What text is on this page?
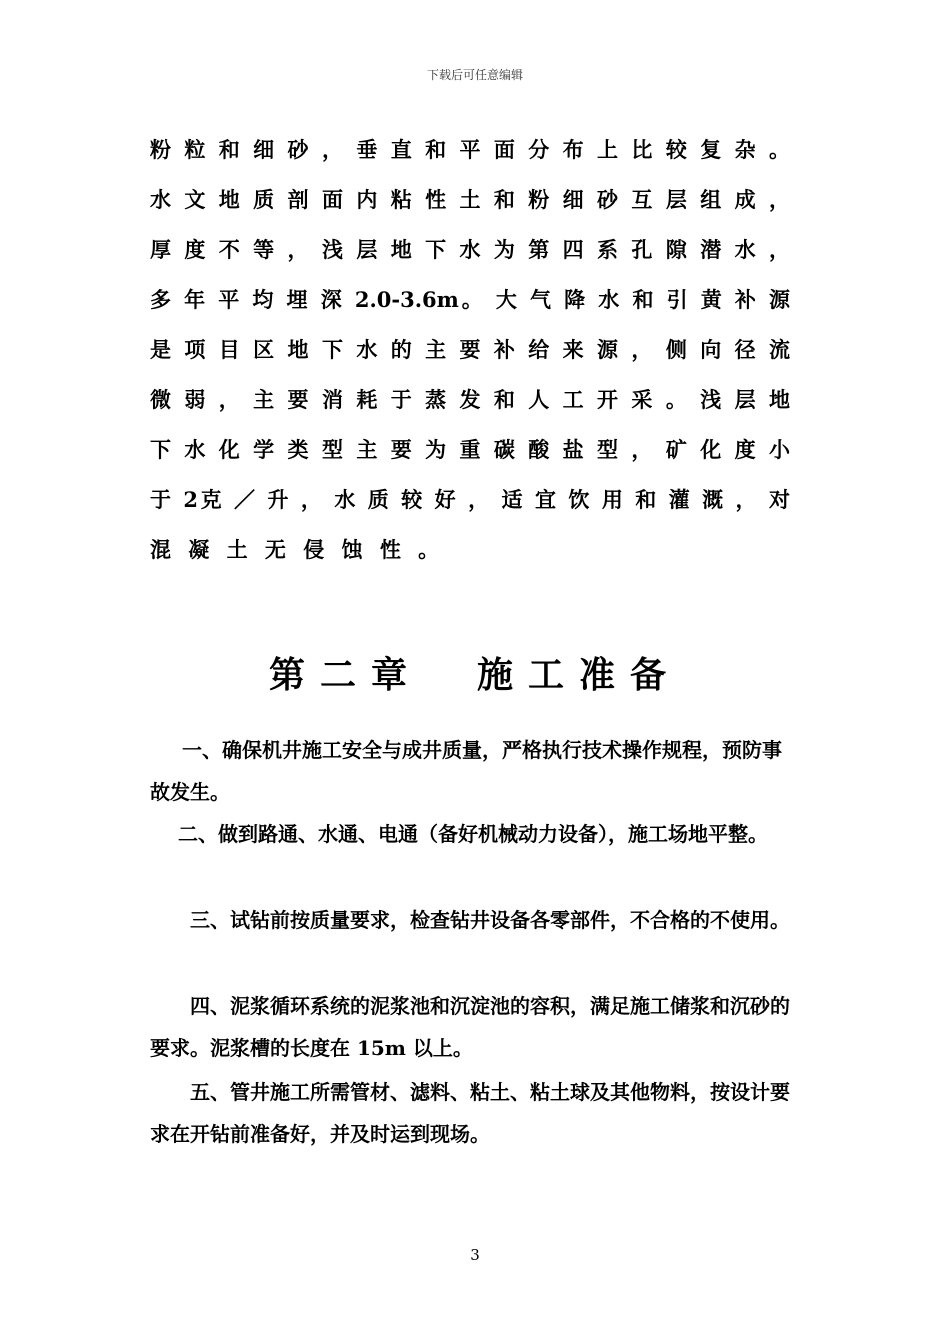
下载后可任意编辑
粉 粒 和 细 砂 ， 垂 直 和 平 面 分 布 上 比 较 复 杂 。
水 文 地 质 剖 面 内 粘 性 土 和 粉 细 砂 互 层 组 成 ，
厚 度 不 等 ， 浅 层 地 下 水 为 第 四 系 孔 隙 潜 水 ，
多 年 平 均 埋 深 2.0-3.6m。 大 气 降 水 和 引 黄 补 源
是 项 目 区 地 下 水 的 主 要 补 给 来 源 ， 侧 向 径 流
微 弱 ， 主 要 消 耗 于 蒸 发 和 人 工 开 采 。 浅 层 地
下 水 化 学 类 型 主 要 为 重 碳 酸 盐 型 ， 矿 化 度 小
于 2克 ／ 升 ， 水 质 较 好 ， 适 宜 饮 用 和 灌 溉 ， 对
混 凝 土 无 侵 蚀 性 。
第二章  施工准备
一、确保机井施工安全与成井质量，严格执行技术操作规程，预防事故发生。
二、做到路通、水通、电通（备好机械动力设备），施工场地平整。
三、试钻前按质量要求，检查钻井设备各零部件，不合格的不使用。
四、泥浆循环系统的泥浆池和沉淀池的容积，满足施工储浆和沉砂的要求。泥浆槽的长度在 15m 以上。
五、管井施工所需管材、滤料、粘土、粘土球及其他物料，按设计要求在开钻前准备好，并及时运到现场。
3
